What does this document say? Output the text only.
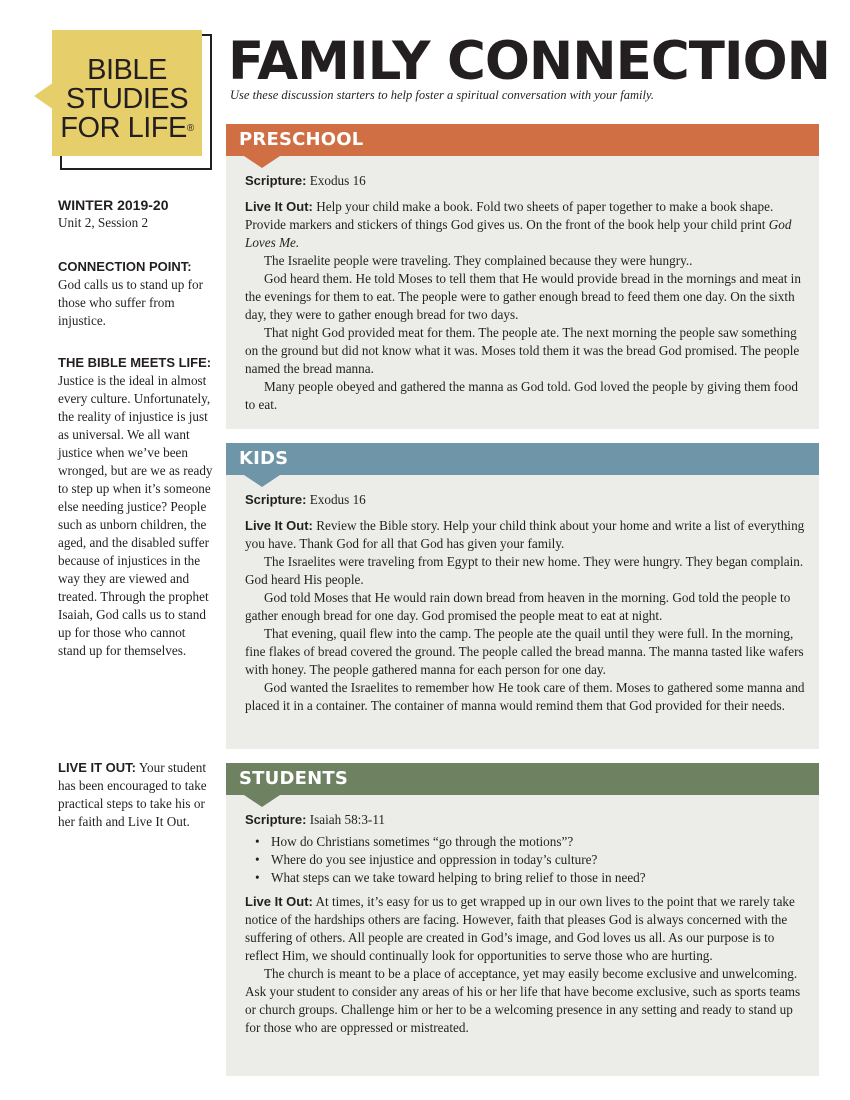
BIBLE
STUDIES
FOR LIFE®
FAMILY CONNECTION
Use these discussion starters to help foster a spiritual conversation with your family.
WINTER 2019-20
Unit 2, Session 2
CONNECTION POINT:
God calls us to stand up for those who suffer from injustice.
THE BIBLE MEETS LIFE: Justice is the ideal in almost every culture. Unfortunately, the reality of injustice is just as universal. We all want justice when we’ve been wronged, but are we as ready to step up when it’s someone else needing justice? People such as unborn children, the aged, and the disabled suffer because of injustices in the way they are viewed and treated. Through the prophet Isaiah, God calls us to stand up for those who cannot stand up for themselves.
LIVE IT OUT: Your student has been encouraged to take practical steps to take his or her faith and Live It Out.
PRESCHOOL

Scripture: Exodus 16

Live It Out: Help your child make a book. Fold two sheets of paper together to make a book shape. Provide markers and stickers of things God gives us. On the front of the book help your child print God Loves Me.

The Israelite people were traveling. They complained because they were hungry..

God heard them. He told Moses to tell them that He would provide bread in the mornings and meat in the evenings for them to eat. The people were to gather enough bread to feed them one day. On the sixth day, they were to gather enough bread for two days.

That night God provided meat for them. The people ate. The next morning the people saw something on the ground but did not know what it was. Moses told them it was the bread God promised. The people named the bread manna.

Many people obeyed and gathered the manna as God told. God loved the people by giving them food to eat.

KIDS

Scripture: Exodus 16

Live It Out: Review the Bible story. Help your child think about your home and write a list of everything you have. Thank God for all that God has given your family.

The Israelites were traveling from Egypt to their new home. They were hungry. They began complain. God heard His people.

God told Moses that He would rain down bread from heaven in the morning. God told the people to gather enough bread for one day. God promised the people meat to eat at night.

That evening, quail flew into the camp. The people ate the quail until they were full. In the morning, fine flakes of bread covered the ground. The people called the bread manna. The manna tasted like wafers with honey. The people gathered manna for each person for one day.

God wanted the Israelites to remember how He took care of them. Moses to gathered some manna and placed it in a container. The container of manna would remind them that God provided for their needs.

STUDENTS

Scripture: Isaiah 58:3-11

• How do Christians sometimes “go through the motions”?
• Where do you see injustice and oppression in today’s culture?
• What steps can we take toward helping to bring relief to those in need?

Live It Out: At times, it’s easy for us to get wrapped up in our own lives to the point that we rarely take notice of the hardships others are facing. However, faith that pleases God is always concerned with the suffering of others. All people are created in God’s image, and God loves us all. As our purpose is to reflect Him, we should continually look for opportunities to serve those who are hurting.

The church is meant to be a place of acceptance, yet may easily become exclusive and unwelcoming. Ask your student to consider any areas of his or her life that have become exclusive, such as sports teams or church groups. Challenge him or her to be a welcoming presence in any setting and ready to stand up for those who are oppressed or mistreated.
